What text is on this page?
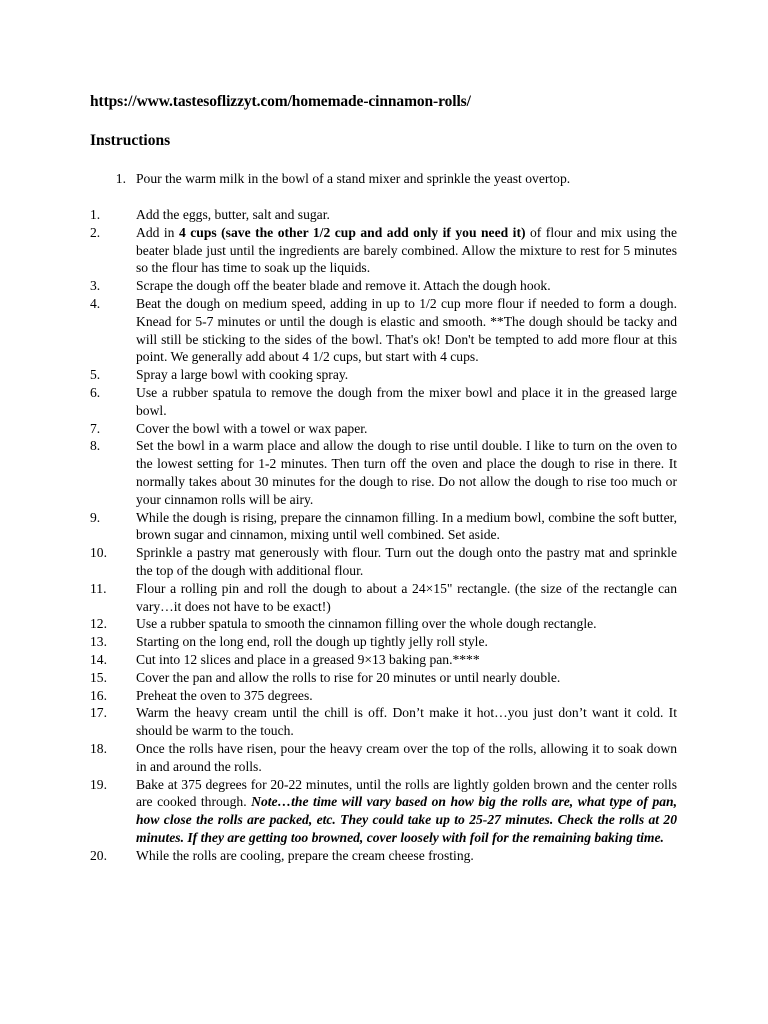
https://www.tastesoflizzyt.com/homemade-cinnamon-rolls/
Instructions
1. Pour the warm milk in the bowl of a stand mixer and sprinkle the yeast overtop.
1.	Add the eggs, butter, salt and sugar.
2.	Add in 4 cups (save the other 1/2 cup and add only if you need it) of flour and mix using the beater blade just until the ingredients are barely combined. Allow the mixture to rest for 5 minutes so the flour has time to soak up the liquids.
3.	Scrape the dough off the beater blade and remove it. Attach the dough hook.
4.	Beat the dough on medium speed, adding in up to 1/2 cup more flour if needed to form a dough. Knead for 5-7 minutes or until the dough is elastic and smooth. **The dough should be tacky and will still be sticking to the sides of the bowl. That's ok! Don't be tempted to add more flour at this point. We generally add about 4 1/2 cups, but start with 4 cups.
5.	Spray a large bowl with cooking spray.
6.	Use a rubber spatula to remove the dough from the mixer bowl and place it in the greased large bowl.
7.	Cover the bowl with a towel or wax paper.
8.	Set the bowl in a warm place and allow the dough to rise until double. I like to turn on the oven to the lowest setting for 1-2 minutes. Then turn off the oven and place the dough to rise in there. It normally takes about 30 minutes for the dough to rise. Do not allow the dough to rise too much or your cinnamon rolls will be airy.
9.	While the dough is rising, prepare the cinnamon filling. In a medium bowl, combine the soft butter, brown sugar and cinnamon, mixing until well combined. Set aside.
10.	Sprinkle a pastry mat generously with flour. Turn out the dough onto the pastry mat and sprinkle the top of the dough with additional flour.
11.	Flour a rolling pin and roll the dough to about a 24×15" rectangle. (the size of the rectangle can vary…it does not have to be exact!)
12.	Use a rubber spatula to smooth the cinnamon filling over the whole dough rectangle.
13.	Starting on the long end, roll the dough up tightly jelly roll style.
14.	Cut into 12 slices and place in a greased 9×13 baking pan.****
15.	Cover the pan and allow the rolls to rise for 20 minutes or until nearly double.
16.	Preheat the oven to 375 degrees.
17.	Warm the heavy cream until the chill is off. Don’t make it hot…you just don’t want it cold. It should be warm to the touch.
18.	Once the rolls have risen, pour the heavy cream over the top of the rolls, allowing it to soak down in and around the rolls.
19.	Bake at 375 degrees for 20-22 minutes, until the rolls are lightly golden brown and the center rolls are cooked through. Note…the time will vary based on how big the rolls are, what type of pan, how close the rolls are packed, etc. They could take up to 25-27 minutes. Check the rolls at 20 minutes. If they are getting too browned, cover loosely with foil for the remaining baking time.
20.	While the rolls are cooling, prepare the cream cheese frosting.
